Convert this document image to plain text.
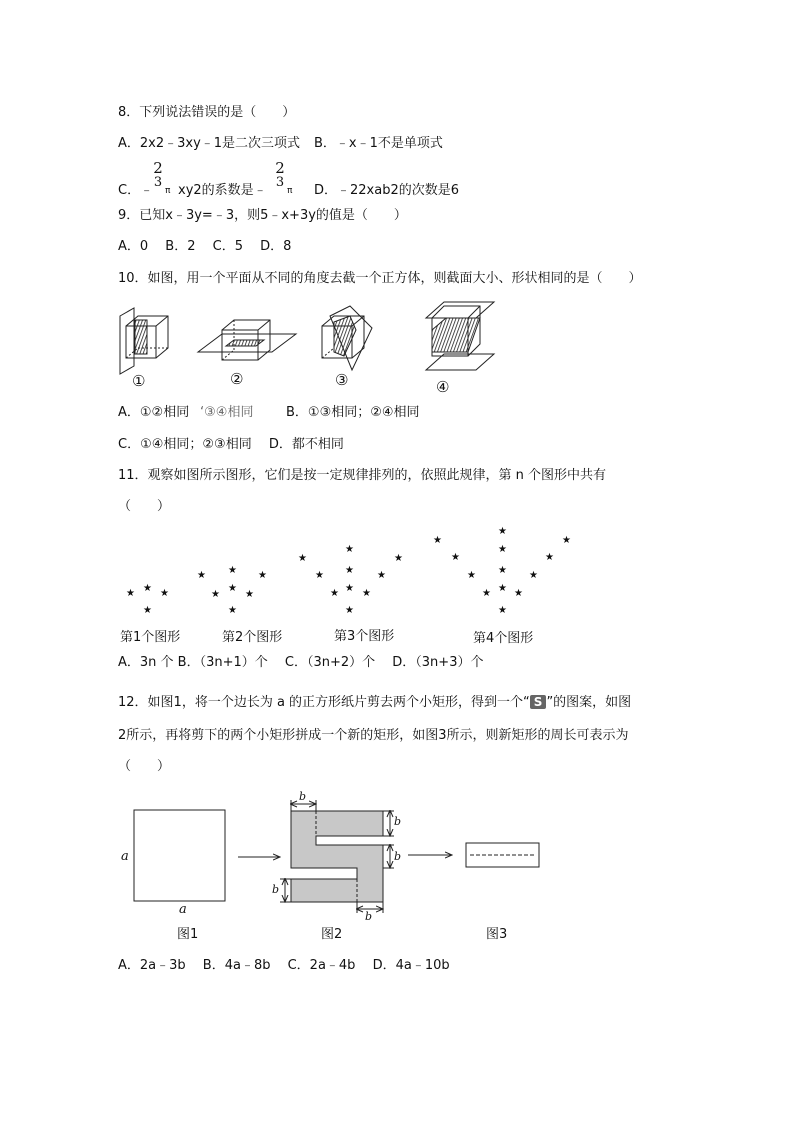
8．下列说法错误的是（　　）
A．2x2﹣3xy﹣1是二次三项式 B．﹣x﹣1不是单项式
C．﹣
2
3
π xy2的系数是﹣
2
3
π D．﹣22xab2的次数是6
9．已知x﹣3y=﹣3，则5﹣x+3y的值是（　　）
A．0　 B．2　 C．5　 D．8
10．如图，用一个平面从不同的角度去截一个正方体，则截面大小、形状相同的是（　　）
①	②	③	④
A．①②相同 ‘③④相同	B．①③相同；②④相同
C．①④相同；②③相同　 D．都不相同
11．观察如图所示图形，它们是按一定规律排列的，依照此规律，第 n 个图形中共有
（　　）
★ ★ ★
★
★ ★ ★
★
★
★
★
★
★
★
★ ★ ★
★ ★ ★
★
★
★
★
★
★
★
★ ★ ★
★ ★ ★
★
第1个图形	第2个图形	第3个图形	第4个图形
A．3n 个 B．（3n+1）个　 C．（3n+2）个　 D．（3n+3）个
12．如图1，将一个边长为 a 的正方形纸片剪去两个小矩形，得到一个“ S ”的图案，如图
2所示，再将剪下的两个小矩形拼成一个新的矩形，如图3所示，则新矩形的周长可表示为
（　　）
a
a
b
b
b
b
b
图1	图2	图3
A．2a﹣3b　 B．4a﹣8b　 C．2a﹣4b　 D．4a﹣10b
